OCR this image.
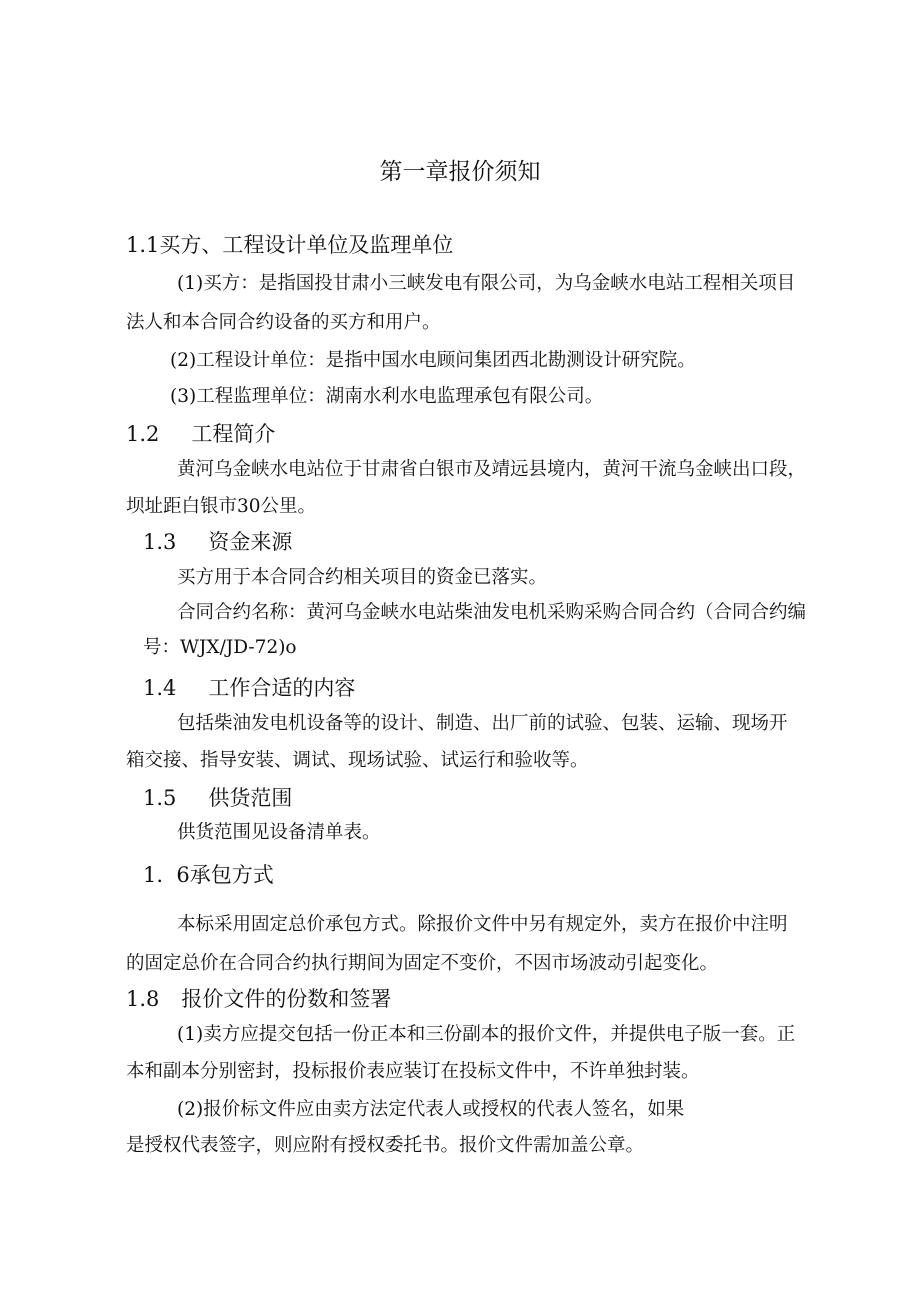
第一章报价须知
1.1买方、工程设计单位及监理单位
(1)买方：是指国投甘肃小三峡发电有限公司，为乌金峡水电站工程相关项目
法人和本合同合约设备的买方和用户。
(2)工程设计单位：是指中国水电顾问集团西北勘测设计研究院。
(3)工程监理单位：湖南水利水电监理承包有限公司。
1.2 工程简介
黄河乌金峡水电站位于甘肃省白银市及靖远县境内，黄河干流乌金峡出口段，
坝址距白银市30公里。
1.3 资金来源
买方用于本合同合约相关项目的资金已落实。
合同合约名称：黄河乌金峡水电站柴油发电机采购采购合同合约（合同合约编
号：WJX/JD-72)o
1.4 工作合适的内容
包括柴油发电机设备等的设计、制造、出厂前的试验、包装、运输、现场开
箱交接、指导安装、调试、现场试验、试运行和验收等。
1.5 供货范围
供货范围见设备清单表。
1.  6承包方式
本标采用固定总价承包方式。除报价文件中另有规定外，卖方在报价中注明
的固定总价在合同合约执行期间为固定不变价，不因市场波动引起变化。
1.8 报价文件的份数和签署
(1)卖方应提交包括一份正本和三份副本的报价文件，并提供电子版一套。正
本和副本分别密封，投标报价表应装订在投标文件中，不许单独封装。
(2)报价标文件应由卖方法定代表人或授权的代表人签名，如果
是授权代表签字，则应附有授权委托书。报价文件需加盖公章。
